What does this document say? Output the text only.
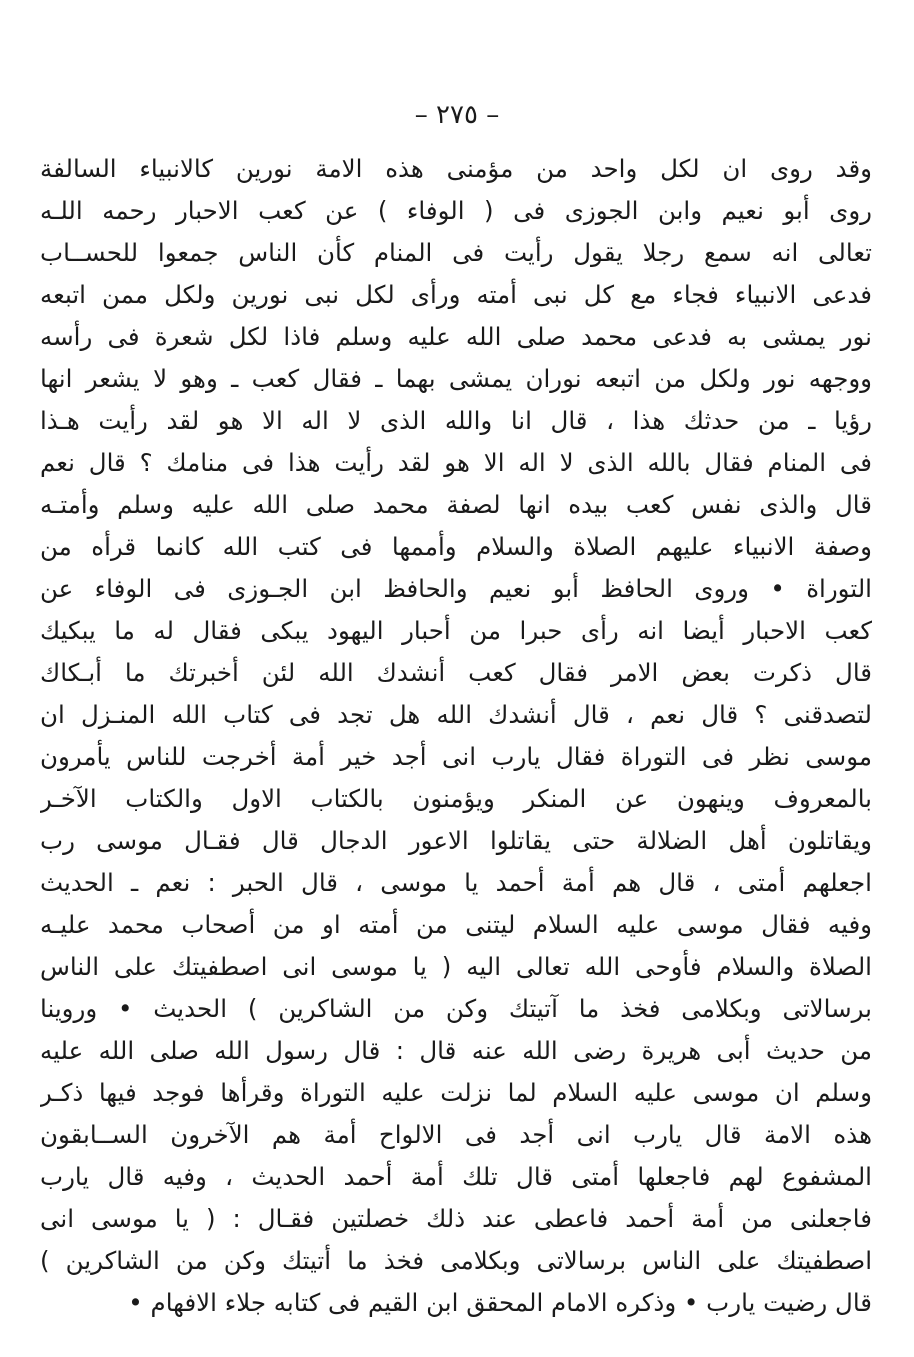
– ٢٧٥ –
وقد روى ان لكل واحد من مؤمنى هذه الامة نورين كالانبياء السالفة
روى أبو نعيم وابن الجوزى فى ( الوفاء ) عن كعب الاحبار رحمه اللـه
تعالى انه سمع رجلا يقول رأيت فى المنام كأن الناس جمعوا للحســاب
فدعى الانبياء فجاء مع كل نبى أمته ورأى لكل نبى نورين ولكل ممن اتبعه
نور يمشى به فدعى محمد صلى الله عليه وسلم فاذا لكل شعرة فى رأسه
ووجهه نور ولكل من اتبعه نوران يمشى بهما ـ فقال كعب ـ وهو لا يشعر انها
رؤيا ـ من حدثك هذا ، قال انا والله الذى لا اله الا هو لقد رأيت هـذا
فى المنام فقال بالله الذى لا اله الا هو لقد رأيت هذا فى منامك ؟ قال نعم
قال والذى نفس كعب بيده انها لصفة محمد صلى الله عليه وسلم وأمتـه
وصفة الانبياء عليهم الصلاة والسلام وأممها فى كتب الله كانما قرأه من
التوراة • وروى الحافظ أبو نعيم والحافظ ابن الجـوزى فى الوفاء عن
كعب الاحبار أيضا انه رأى حبرا من أحبار اليهود يبكى فقال له ما يبكيك
قال ذكرت بعض الامر فقال كعب أنشدك الله لئن أخبرتك ما أبـكاك
لتصدقنى ؟ قال نعم ، قال أنشدك الله هل تجد فى كتاب الله المنـزل ان
موسى نظر فى التوراة فقال يارب انى أجد خير أمة أخرجت للناس يأمرون
بالمعروف وينهون عن المنكر ويؤمنون بالكتاب الاول والكتاب الآخـر
ويقاتلون أهل الضلالة حتى يقاتلوا الاعور الدجال قال فقـال موسى رب
اجعلهم أمتى ، قال هم أمة أحمد يا موسى ، قال الحبر : نعم ـ الحديث
وفيه فقال موسى عليه السلام ليتنى من أمته او من أصحاب محمد عليـه
الصلاة والسلام فأوحى الله تعالى اليه ( يا موسى انى اصطفيتك على الناس
برسالاتى وبكلامى فخذ ما آتيتك وكن من الشاكرين ) الحديث • وروينا
من حديث أبى هريرة رضى الله عنه قال : قال رسول الله صلى الله عليه
وسلم ان موسى عليه السلام لما نزلت عليه التوراة وقرأها فوجد فيها ذكـر
هذه الامة قال يارب انى أجد فى الالواح أمة هم الآخرون الســابقون
المشفوع لهم فاجعلها أمتى قال تلك أمة أحمد الحديث ، وفيه قال يارب
فاجعلنى من أمة أحمد فاعطى عند ذلك خصلتين فقـال : ( يا موسى انى
اصطفيتك على الناس برسالاتى وبكلامى فخذ ما أتيتك وكن من الشاكرين )
قال رضيت يارب • وذكره الامام المحقق ابن القيم فى كتابه جلاء الافهام •
